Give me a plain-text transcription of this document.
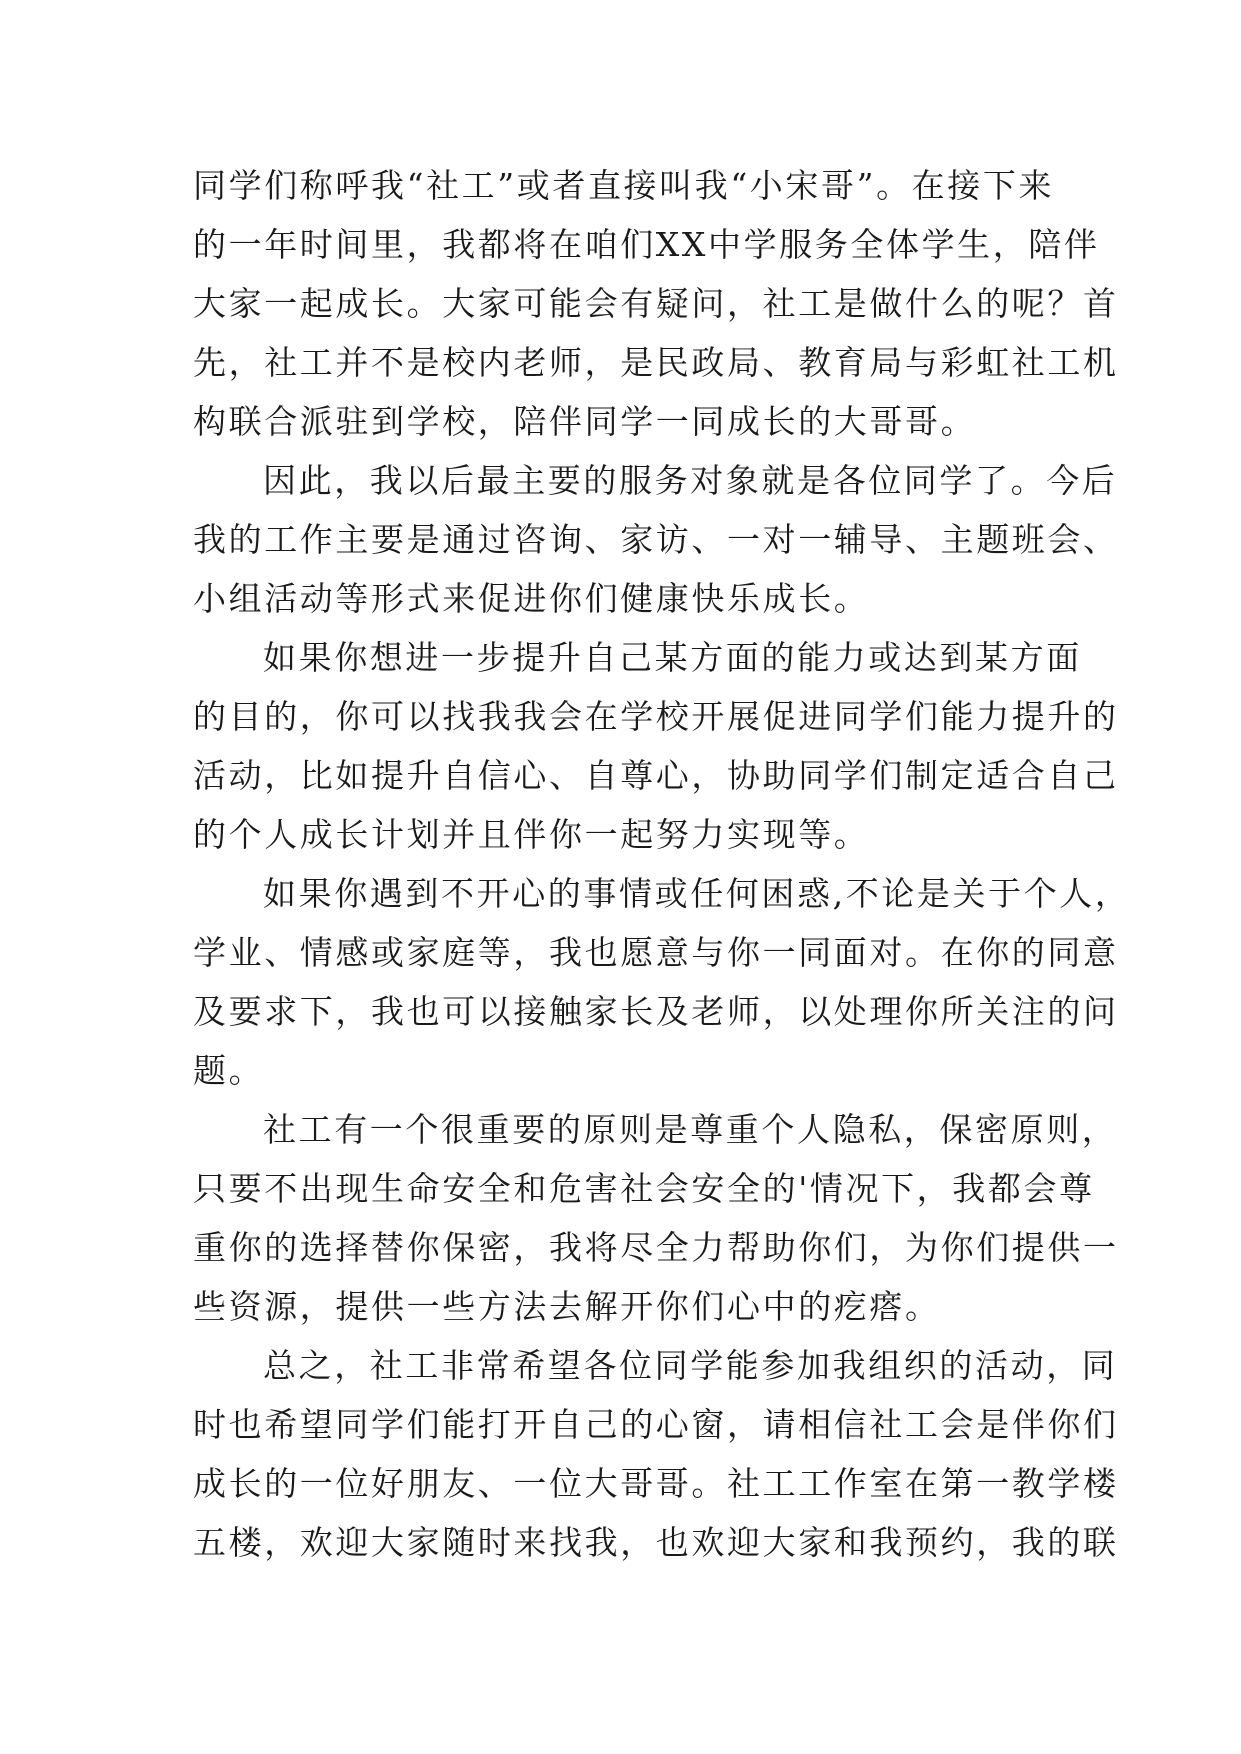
同学们称呼我“社工”或者直接叫我“小宋哥”。在接下来
的一年时间里，我都将在咱们XX中学服务全体学生，陪伴
大家一起成长。大家可能会有疑问，社工是做什么的呢？首
先，社工并不是校内老师，是民政局、教育局与彩虹社工机
构联合派驻到学校，陪伴同学一同成长的大哥哥。
因此，我以后最主要的服务对象就是各位同学了。今后
我的工作主要是通过咨询、家访、一对一辅导、主题班会、
小组活动等形式来促进你们健康快乐成长。
如果你想进一步提升自己某方面的能力或达到某方面
的目的，你可以找我我会在学校开展促进同学们能力提升的
活动，比如提升自信心、自尊心，协助同学们制定适合自己
的个人成长计划并且伴你一起努力实现等。
如果你遇到不开心的事情或任何困惑,不论是关于个人，
学业、情感或家庭等，我也愿意与你一同面对。在你的同意
及要求下，我也可以接触家长及老师，以处理你所关注的问
题。
社工有一个很重要的原则是尊重个人隐私，保密原则，
只要不出现生命安全和危害社会安全的'情况下，我都会尊
重你的选择替你保密，我将尽全力帮助你们，为你们提供一
些资源，提供一些方法去解开你们心中的疙瘩。
总之，社工非常希望各位同学能参加我组织的活动，同
时也希望同学们能打开自己的心窗，请相信社工会是伴你们
成长的一位好朋友、一位大哥哥。社工工作室在第一教学楼
五楼，欢迎大家随时来找我，也欢迎大家和我预约，我的联
